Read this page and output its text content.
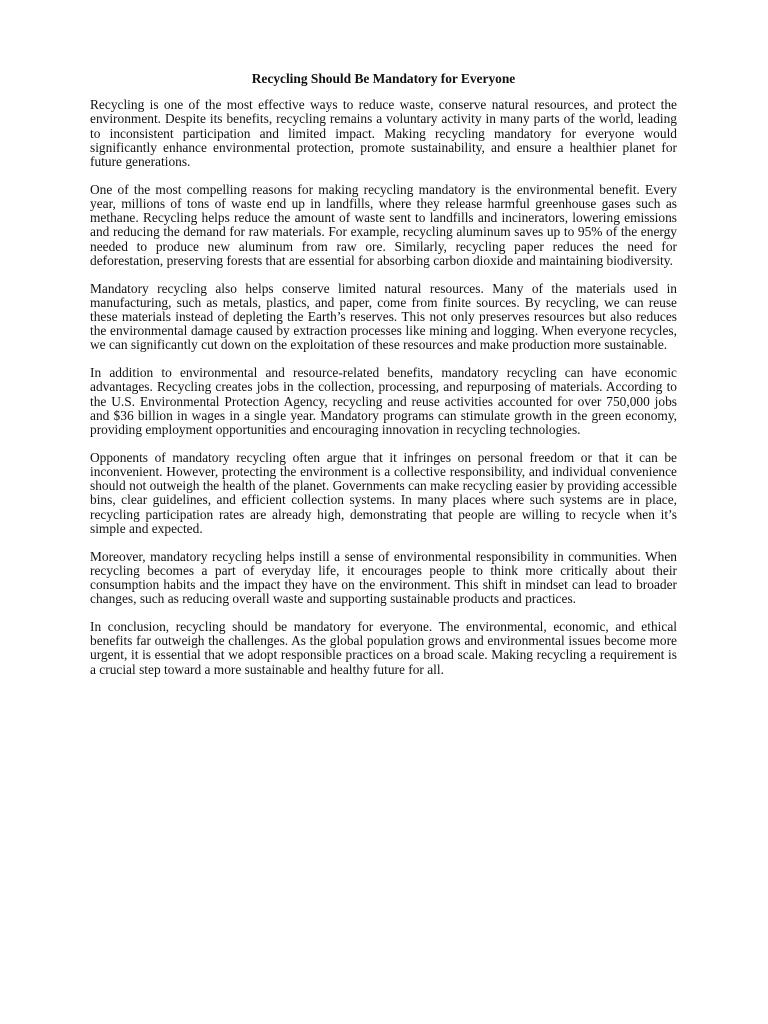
Recycling Should Be Mandatory for Everyone

Recycling is one of the most effective ways to reduce waste, conserve natural resources, and protect the environment. Despite its benefits, recycling remains a voluntary activity in many parts of the world, leading to inconsistent participation and limited impact. Making recycling mandatory for everyone would significantly enhance environmental protection, promote sustainability, and ensure a healthier planet for future generations.

One of the most compelling reasons for making recycling mandatory is the environmental benefit. Every year, millions of tons of waste end up in landfills, where they release harmful greenhouse gases such as methane. Recycling helps reduce the amount of waste sent to landfills and incinerators, lowering emissions and reducing the demand for raw materials. For example, recycling aluminum saves up to 95% of the energy needed to produce new aluminum from raw ore. Similarly, recycling paper reduces the need for deforestation, preserving forests that are essential for absorbing carbon dioxide and maintaining biodiversity.

Mandatory recycling also helps conserve limited natural resources. Many of the materials used in manufacturing, such as metals, plastics, and paper, come from finite sources. By recycling, we can reuse these materials instead of depleting the Earth’s reserves. This not only preserves resources but also reduces the environmental damage caused by extraction processes like mining and logging. When everyone recycles, we can significantly cut down on the exploitation of these resources and make production more sustainable.

In addition to environmental and resource-related benefits, mandatory recycling can have economic advantages. Recycling creates jobs in the collection, processing, and repurposing of materials. According to the U.S. Environmental Protection Agency, recycling and reuse activities accounted for over 750,000 jobs and $36 billion in wages in a single year. Mandatory programs can stimulate growth in the green economy, providing employment opportunities and encouraging innovation in recycling technologies.

Opponents of mandatory recycling often argue that it infringes on personal freedom or that it can be inconvenient. However, protecting the environment is a collective responsibility, and individual convenience should not outweigh the health of the planet. Governments can make recycling easier by providing accessible bins, clear guidelines, and efficient collection systems. In many places where such systems are in place, recycling participation rates are already high, demonstrating that people are willing to recycle when it’s simple and expected.

Moreover, mandatory recycling helps instill a sense of environmental responsibility in communities. When recycling becomes a part of everyday life, it encourages people to think more critically about their consumption habits and the impact they have on the environment. This shift in mindset can lead to broader changes, such as reducing overall waste and supporting sustainable products and practices.

In conclusion, recycling should be mandatory for everyone. The environmental, economic, and ethical benefits far outweigh the challenges. As the global population grows and environmental issues become more urgent, it is essential that we adopt responsible practices on a broad scale. Making recycling a requirement is a crucial step toward a more sustainable and healthy future for all.
